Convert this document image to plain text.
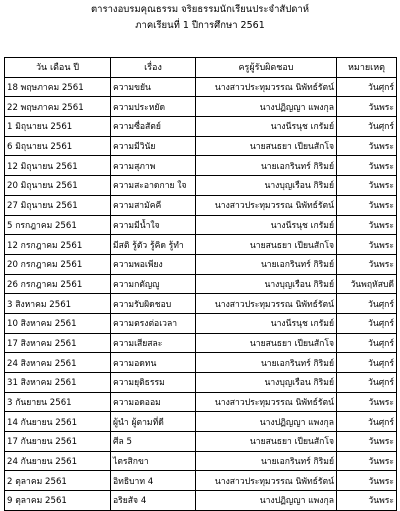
ตารางอบรมคุณธรรม จริยธรรมนักเรียนประจำสัปดาห์
ภาคเรียนที่ 1 ปีการศึกษา 2561
วัน เดือน ปี	เรื่อง	ครูผู้รับผิดชอบ	หมายเหตุ
18 พฤษภาคม 2561	ความขยัน	นางสาวประทุมวรรณ นิพัทธ์รัตน์	วันศุกร์
22 พฤษภาคม 2561	ความประหยัด	นางปฏิญญา แพงกุล	วันพระ
1 มิถุนายน 2561	ความซื่อสัตย์	นางนีรนุช เกรัมย์	วันศุกร์
6 มิถุนายน 2561	ความมีวินัย	นายสนธยา เปียนสักโจ	วันพระ
12 มิถุนายน 2561	ความสุภาพ	นายเอกรินทร์ กิริมย์	วันพระ
20 มิถุนายน 2561	ความสะอาดกาย ใจ	นางบุญเรือน กิริมย์	วันพระ
27 มิถุนายน 2561	ความสามัคคี	นางสาวประทุมวรรณ นิพัทธ์รัตน์	วันพระ
5 กรกฎาคม 2561	ความมีน้ำใจ	นางนีรนุช เกรัมย์	วันพระ
12 กรกฎาคม 2561	มีสติ รู้ตัว รู้คิด รู้ทำ	นายสนธยา เปียนสักโจ	วันพระ
20 กรกฎาคม 2561	ความพอเพียง	นายเอกรินทร์ กิริมย์	วันพระ
26 กรกฎาคม 2561	ความกตัญญู	นางบุญเรือน กิริมย์	วันพฤหัสบดี
3 สิงหาคม 2561	ความรับผิดชอบ	นางสาวประทุมวรรณ นิพัทธ์รัตน์	วันศุกร์
10 สิงหาคม 2561	ความตรงต่อเวลา	นางนีรนุช เกรัมย์	วันศุกร์
17 สิงหาคม 2561	ความเสียสละ	นายสนธยา เปียนสักโจ	วันศุกร์
24 สิงหาคม 2561	ความอดทน	นายเอกรินทร์ กิริมย์	วันศุกร์
31 สิงหาคม 2561	ความยุติธรรม	นางบุญเรือน กิริมย์	วันศุกร์
3 กันยายน 2561	ความอดออม	นางสาวประทุมวรรณ นิพัทธ์รัตน์	วันพระ
14 กันยายน 2561	ผู้นำ ผู้ตามที่ดี	นางปฏิญญา แพงกุล	วันศุกร์
17 กันยายน 2561	ศีล 5	นายสนธยา เปียนสักโจ	วันพระ
24 กันยายน 2561	ไตรสิกขา	นายเอกรินทร์ กิริมย์	วันพระ
2 ตุลาคม 2561	อิทธิบาท 4	นางสาวประทุมวรรณ นิพัทธ์รัตน์	วันพระ
9 ตุลาคม 2561	อริยสัจ 4	นางปฏิญญา แพงกุล	วันพระ
